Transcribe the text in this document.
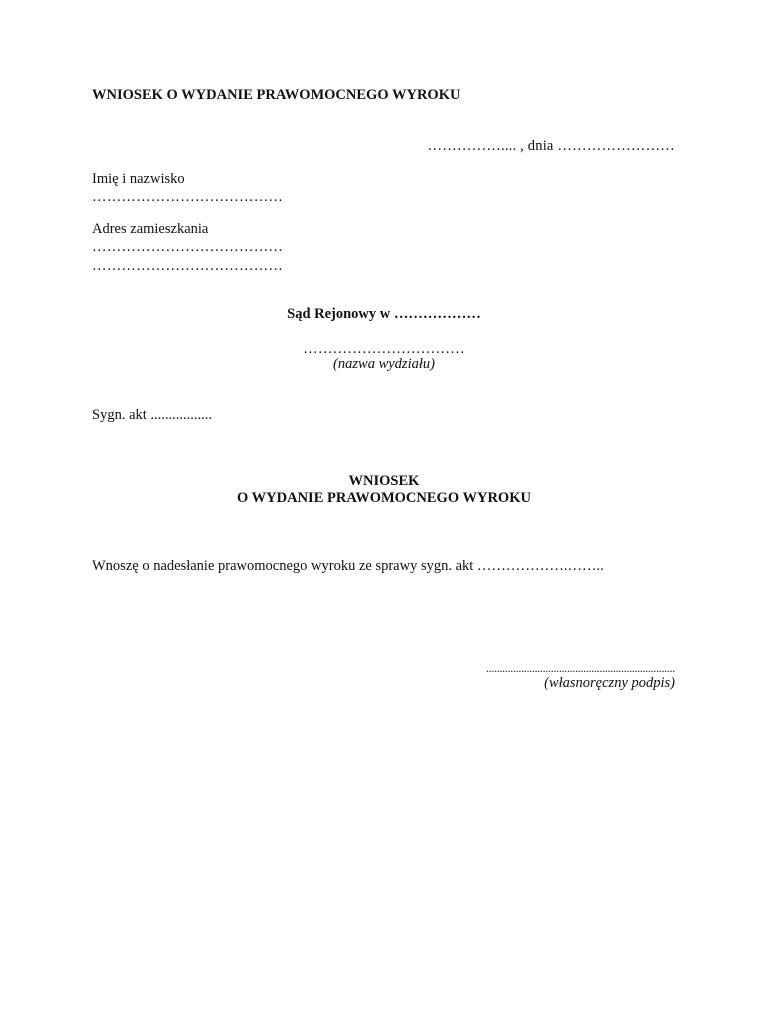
WNIOSEK O WYDANIE PRAWOMOCNEGO WYROKU
…………….... , dnia ……………………
Imię i nazwisko
…………………………………
Adres zamieszkania
…………………………………
…………………………………
Sąd Rejonowy w ………………
……………………………
(nazwa wydziału)
Sygn. akt .................
WNIOSEK
O WYDANIE PRAWOMOCNEGO WYROKU
Wnoszę o nadesłanie prawomocnego wyroku ze sprawy sygn. akt ……………….……..
......................................................................
(własnoręczny podpis)
